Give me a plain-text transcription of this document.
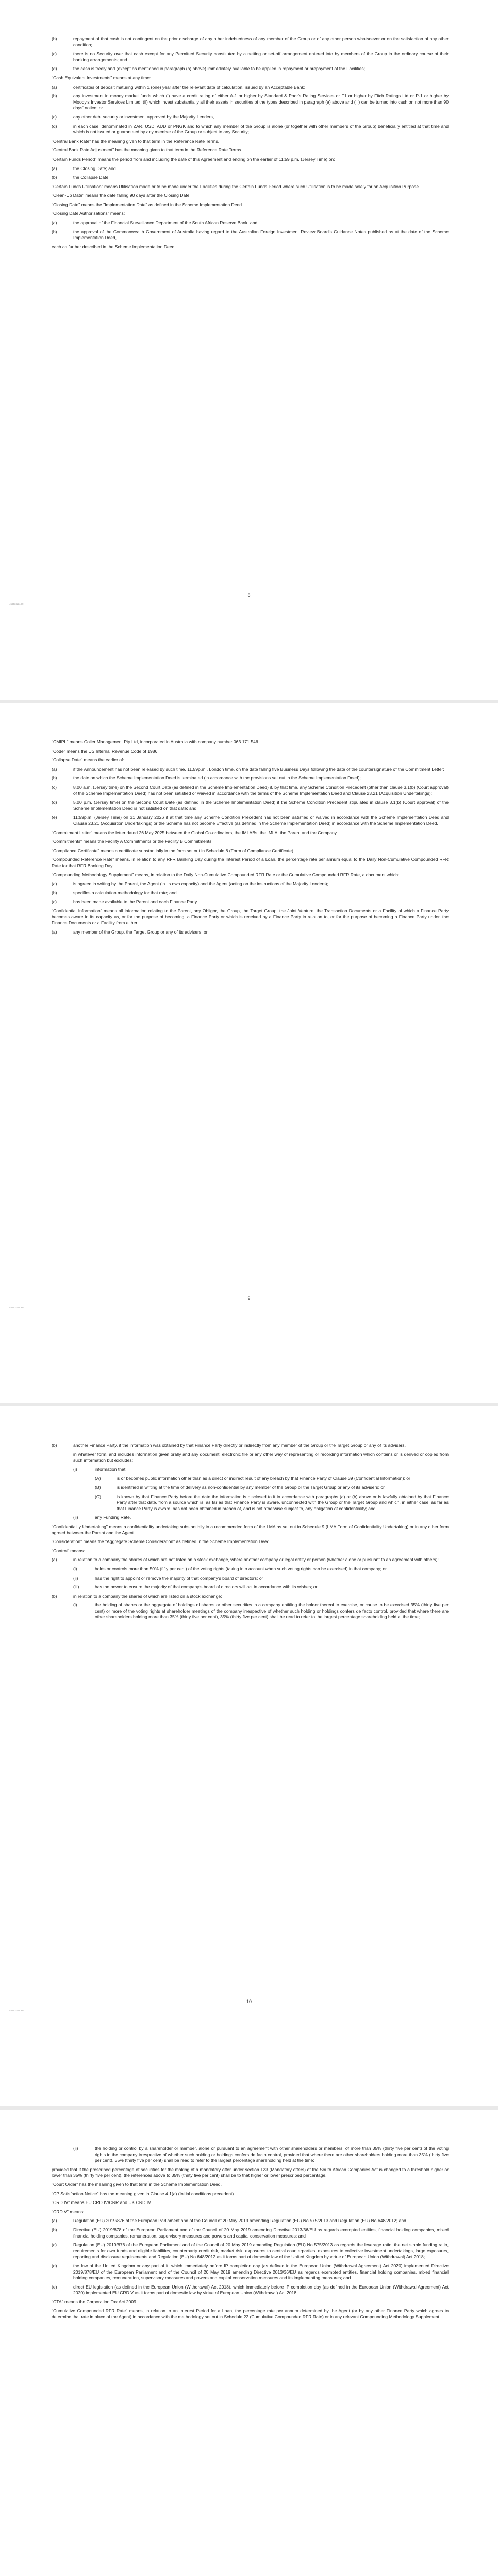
(b)	repayment of that cash is not contingent on the prior discharge of any other indebtedness of any member of the Group or of any other person whatsoever or on the satisfaction of any other condition;
(c)	there is no Security over that cash except for any Permitted Security constituted by a netting or set-off arrangement entered into by members of the Group in the ordinary course of their banking arrangements; and
(d)	the cash is freely and (except as mentioned in paragraph (a) above) immediately available to be applied in repayment or prepayment of the Facilities;
"Cash Equivalent Investments" means at any time:
(a)	certificates of deposit maturing within 1 (one) year after the relevant date of calculation, issued by an Acceptable Bank;
(b)	any investment in money market funds which (i) have a credit rating of either A-1 or higher by Standard & Poor's Rating Services or F1 or higher by Fitch Ratings Ltd or P-1 or higher by Moody's Investor Services Limited, (ii) which invest substantially all their assets in securities of the types described in paragraph (a) above and (iii) can be turned into cash on not more than 90 days' notice; or
(c)	any other debt security or investment approved by the Majority Lenders,
(d)	in each case, denominated in ZAR, USD, AUD or PNGK and to which any member of the Group is alone (or together with other members of the Group) beneficially entitled at that time and which is not issued or guaranteed by any member of the Group or subject to any Security;
"Central Bank Rate" has the meaning given to that term in the Reference Rate Terms.
"Central Bank Rate Adjustment" has the meaning given to that term in the Reference Rate Terms.
"Certain Funds Period" means the period from and including the date of this Agreement and ending on the earlier of 11:59 p.m. (Jersey Time) on:
(a)	the Closing Date; and
(b)	the Collapse Date.
"Certain Funds Utilisation" means Utilisation made or to be made under the Facilities during the Certain Funds Period where such Utilisation is to be made solely for an Acquisition Purpose.
"Clean-Up Date" means the date falling 90 days after the Closing Date.
"Closing Date" means the "Implementation Date" as defined in the Scheme Implementation Deed.
"Closing Date Authorisations" means:
(a)	the approval of the Financial Surveillance Department of the South African Reserve Bank; and
(b)	the approval of the Commonwealth Government of Australia having regard to the Australian Foreign Investment Review Board's Guidance Notes published as at the date of the Scheme Implementation Deed,
each as further described in the Scheme Implementation Deed.
45653.124.89
8
"CMIPL" means Coller Management Pty Ltd, incorporated in Australia with company number 063 171 546.
"Code" means the US Internal Revenue Code of 1986.
"Collapse Date" means the earlier of:
(a)	if the Announcement has not been released by such time, 11.59p.m., London time, on the date falling five Business Days following the date of the countersignature of the Commitment Letter;
(b)	the date on which the Scheme Implementation Deed is terminated (in accordance with the provisions set out in the Scheme Implementation Deed);
(c)	8.00 a.m. (Jersey time) on the Second Court Date (as defined in the Scheme Implementation Deed) if, by that time, any Scheme Condition Precedent (other than clause 3.1(b) (Court approval) of the Scheme Implementation Deed) has not been satisfied or waived in accordance with the terms of the Scheme Implementation Deed and Clause 23.21 (Acquisition Undertakings);
(d)	5.00 p.m. (Jersey time) on the Second Court Date (as defined in the Scheme Implementation Deed) if the Scheme Condition Precedent stipulated in clause 3.1(b) (Court approval) of the Scheme Implementation Deed is not satisfied on that date; and
(e)	11:59p.m. (Jersey Time) on 31 January 2026 if at that time any Scheme Condition Precedent has not been satisfied or waived in accordance with the Scheme Implementation Deed and Clause 23.21 (Acquisition Undertakings) or the Scheme has not become Effective (as defined in the Scheme Implementation Deed) in accordance with the Scheme Implementation Deed.
"Commitment Letter" means the letter dated 26 May 2025 between the Global Co-ordinators, the IMLABs, the IMLA, the Parent and the Company.
"Commitments" means the Facility A Commitments or the Facility B Commitments.
"Compliance Certificate" means a certificate substantially in the form set out in Schedule 8 (Form of Compliance Certificate).
"Compounded Reference Rate" means, in relation to any RFR Banking Day during the Interest Period of a Loan, the percentage rate per annum equal to the Daily Non-Cumulative Compounded RFR Rate for that RFR Banking Day.
"Compounding Methodology Supplement" means, in relation to the Daily Non-Cumulative Compounded RFR Rate or the Cumulative Compounded RFR Rate, a document which:
(a)	is agreed in writing by the Parent, the Agent (in its own capacity) and the Agent (acting on the instructions of the Majority Lenders);
(b)	specifies a calculation methodology for that rate; and
(c)	has been made available to the Parent and each Finance Party.
"Confidential Information" means all information relating to the Parent, any Obligor, the Group, the Target Group, the Joint Venture, the Transaction Documents or a Facility of which a Finance Party becomes aware in its capacity as, or for the purpose of becoming, a Finance Party or which is received by a Finance Party in relation to, or for the purpose of becoming a Finance Party under, the Finance Documents or a Facility from either:
(a)	any member of the Group, the Target Group or any of its advisers; or
45653.124.89
9
(b)	another Finance Party, if the information was obtained by that Finance Party directly or indirectly from any member of the Group or the Target Group or any of its advisers,
in whatever form, and includes information given orally and any document, electronic file or any other way of representing or recording information which contains or is derived or copied from such information but excludes:
(i)	information that:
(A)	is or becomes public information other than as a direct or indirect result of any breach by that Finance Party of Clause 39 (Confidential Information); or
(B)	is identified in writing at the time of delivery as non-confidential by any member of the Group or the Target Group or any of its advisers; or
(C)	is known by that Finance Party before the date the information is disclosed to it in accordance with paragraphs (a) or (b) above or is lawfully obtained by that Finance Party after that date, from a source which is, as far as that Finance Party is aware, unconnected with the Group or the Target Group and which, in either case, as far as that Finance Party is aware, has not been obtained in breach of, and is not otherwise subject to, any obligation of confidentiality; and
(ii)	any Funding Rate.
"Confidentiality Undertaking" means a confidentiality undertaking substantially in a recommended form of the LMA as set out in Schedule 9 (LMA Form of Confidentiality Undertaking) or in any other form agreed between the Parent and the Agent.
"Consideration" means the "Aggregate Scheme Consideration" as defined in the Scheme Implementation Deed.
"Control" means:
(a)	in relation to a company the shares of which are not listed on a stock exchange, where another company or legal entity or person (whether alone or pursuant to an agreement with others):
(i)	holds or controls more than 50% (fifty per cent) of the voting rights (taking into account when such voting rights can be exercised) in that company; or
(ii)	has the right to appoint or remove the majority of that company's board of directors; or
(iii)	has the power to ensure the majority of that company's board of directors will act in accordance with its wishes; or
(b)	in relation to a company the shares of which are listed on a stock exchange:
(i)	the holding of shares or the aggregate of holdings of shares or other securities in a company entitling the holder thereof to exercise, or cause to be exercised 35% (thirty five per cent) or more of the voting rights at shareholder meetings of the company irrespective of whether such holding or holdings confers de facto control, provided that where there are other shareholders holding more than 35% (thirty five per cent), 35% (thirty five per cent) shall be read to refer to the largest percentage shareholding held at the time;
45653.124.89
10
(ii)	the holding or control by a shareholder or member, alone or pursuant to an agreement with other shareholders or members, of more than 35% (thirty five per cent) of the voting rights in the company irrespective of whether such holding or holdings confers de facto control, provided that where there are other shareholders holding more than 35% (thirty five per cent), 35% (thirty five per cent) shall be read to refer to the largest percentage shareholding held at the time;
provided that if the prescribed percentage of securities for the making of a mandatory offer under section 123 (Mandatory offers) of the South African Companies Act is changed to a threshold higher or lower than 35% (thirty five per cent), the references above to 35% (thirty five per cent) shall be to that higher or lower prescribed percentage.
"Court Order" has the meaning given to that term in the Scheme Implementation Deed.
"CP Satisfaction Notice" has the meaning given in Clause 4.1(a) (Initial conditions precedent).
"CRD IV" means EU CRD IV/CRR and UK CRD IV.
"CRD V" means:
(a)	Regulation (EU) 2019/876 of the European Parliament and of the Council of 20 May 2019 amending Regulation (EU) No 575/2013 and Regulation (EU) No 648/2012; and
(b)	Directive (EU) 2019/878 of the European Parliament and of the Council of 20 May 2019 amending Directive 2013/36/EU as regards exempted entities, financial holding companies, mixed financial holding companies, remuneration, supervisory measures and powers and capital conservation measures; and
(c)	Regulation (EU) 2019/876 of the European Parliament and of the Council of 20 May 2019 amending Regulation (EU) No 575/2013 as regards the leverage ratio, the net stable funding ratio, requirements for own funds and eligible liabilities, counterparty credit risk, market risk, exposures to central counterparties, exposures to collective investment undertakings, large exposures, reporting and disclosure requirements and Regulation (EU) No 648/2012 as it forms part of domestic law of the United Kingdom by virtue of European Union (Withdrawal) Act 2018;
(d)	the law of the United Kingdom or any part of it, which immediately before IP completion day (as defined in the European Union (Withdrawal Agreement) Act 2020) implemented Directive 2019/878/EU of the European Parliament and of the Council of 20 May 2019 amending Directive 2013/36/EU as regards exempted entities, financial holding companies, mixed financial holding companies, remuneration, supervisory measures and powers and capital conservation measures and its implementing measures; and
(e)	direct EU legislation (as defined in the European Union (Withdrawal) Act 2018), which immediately before IP completion day (as defined in the European Union (Withdrawal Agreement) Act 2020) implemented EU CRD V as it forms part of domestic law by virtue of European Union (Withdrawal) Act 2018.
"CTA" means the Corporation Tax Act 2009.
"Cumulative Compounded RFR Rate" means, in relation to an Interest Period for a Loan, the percentage rate per annum determined by the Agent (or by any other Finance Party which agrees to determine that rate in place of the Agent) in accordance with the methodology set out in Schedule 22 (Cumulative Compounded RFR Rate) or in any relevant Compounding Methodology Supplement.
